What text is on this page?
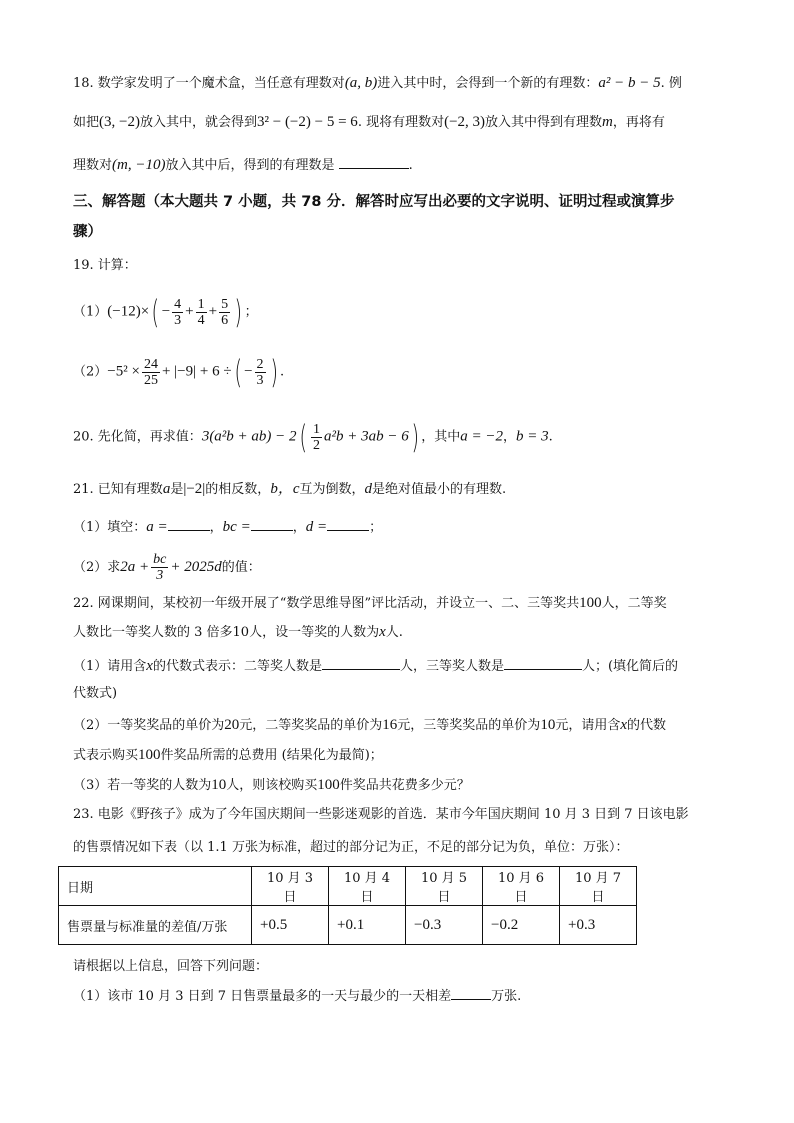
18. 数学家发明了一个魔术盒，当任意有理数对(a, b)进入其中时，会得到一个新的有理数：a² − b − 5. 例
如把(3, −2)放入其中，就会得到3² − (−2) − 5 = 6. 现将有理数对(−2, 3)放入其中得到有理数m，再将有
理数对(m, −10)放入其中后，得到的有理数是	.
三、解答题（本大题共 7 小题，共 78 分．解答时应写出必要的文字说明、证明过程或演算步
骤）
19. 计算：
$(1)(-12)\times( - \frac{4}{3} + \frac{1}{4} + \frac{5}{6}$ ) ；
$(2)-5^2 \times \frac{24}{25} + |-9| + 6$ ÷( − $\frac{2}{3}$ ) .
20. 先化简，再求值：$3(a^2b + ab) - 2( \frac{1}{2} a^2b + 3ab - 6)$ ，其中a = −2，b = 3.
21. 已知有理数a是|−2|的相反数，b，c互为倒数，d是绝对值最小的有理数.
（1）填空：a =	，bc =	，d =	；
（2）求$2a + \frac{bc}{3} + 2025d$的值：
22. 网课期间，某校初一年级开展了“数学思维导图”评比活动，并设立一、二、三等奖共100人，二等奖
人数比一等奖人数的 3 倍多10人，设一等奖的人数为x人.
（1）请用含x的代数式表示：二等奖人数是	人，三等奖人数是	人；(填化简后的
代数式)
（2）一等奖奖品的单价为20元，二等奖奖品的单价为16元，三等奖奖品的单价为10元，请用含x的代数
式表示购买100件奖品所需的总费用 (结果化为最简)；
（3）若一等奖的人数为10人，则该校购买100件奖品共花费多少元？
23. 电影《野孩子》成为了今年国庆期间一些影迷观影的首选．某市今年国庆期间 10 月 3 日到 7 日该电影
的售票情况如下表（以 1.1 万张为标准，超过的部分记为正，不足的部分记为负，单位：万张）：
日期	10 月 3 日	10 月 4 日	10 月 5 日	10 月 6 日	10 月 7 日
售票量与标准量的差值/万张	+0.5	+0.1	−0.3	−0.2	+0.3
请根据以上信息，回答下列问题：
（1）该市 10 月 3 日到 7 日售票量最多的一天与最少的一天相差	万张.
